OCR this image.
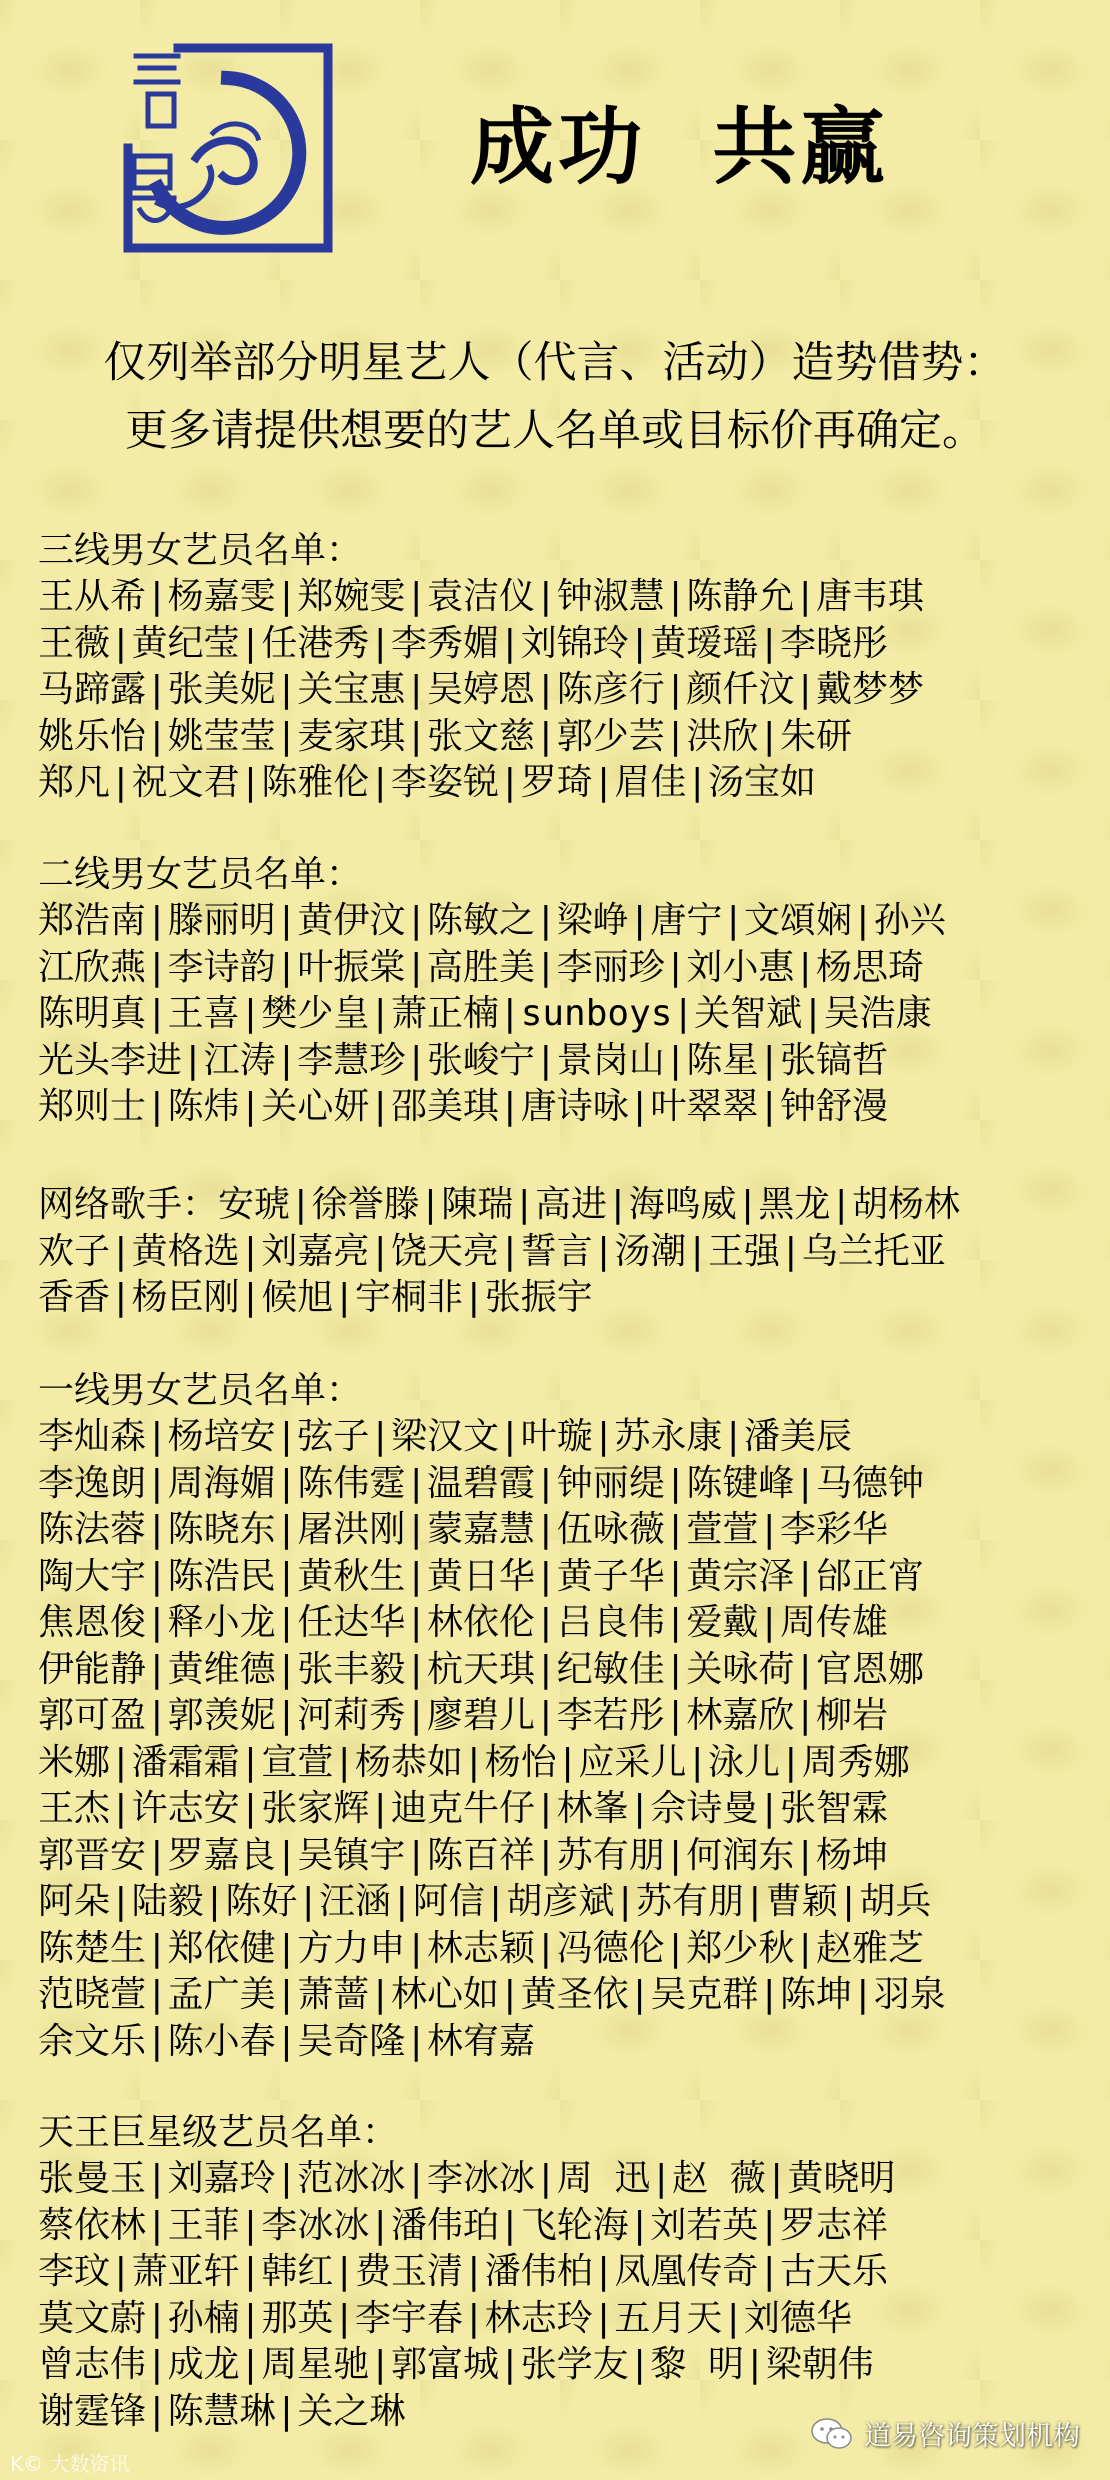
成功  共赢
仅列举部分明星艺人（代言、活动）造势借势：
更多请提供想要的艺人名单或目标价再确定。
三线男女艺员名单：
王从希|杨嘉雯|郑婉雯|袁洁仪|钟淑慧|陈静允|唐韦琪
王薇|黄纪莹|任港秀|李秀媚|刘锦玲|黄瑷瑶|李晓彤
马蹄露|张美妮|关宝惠|吴婷恩|陈彦行|颜仟汶|戴梦梦
姚乐怡|姚莹莹|麦家琪|张文慈|郭少芸|洪欣|朱研
郑凡|祝文君|陈雅伦|李姿锐|罗琦|眉佳|汤宝如
二线男女艺员名单：
郑浩南|滕丽明|黄伊汶|陈敏之|梁峥|唐宁|文頌娴|孙兴
江欣燕|李诗韵|叶振棠|高胜美|李丽珍|刘小惠|杨思琦
陈明真|王喜|樊少皇|萧正楠|sunboys|关智斌|吴浩康
光头李进|江涛|李慧珍|张峻宁|景岗山|陈星|张镐哲
郑则士|陈炜|关心妍|邵美琪|唐诗咏|叶翠翠|钟舒漫
网络歌手：安琥|徐誉滕|陳瑞|高进|海鸣威|黑龙|胡杨林
欢子|黄格选|刘嘉亮|饶天亮|誓言|汤潮|王强|乌兰托亚
香香|杨臣刚|候旭|宇桐非|张振宇
一线男女艺员名单：
李灿森|杨培安|弦子|梁汉文|叶璇|苏永康|潘美辰
李逸朗|周海媚|陈伟霆|温碧霞|钟丽缇|陈键峰|马德钟
陈法蓉|陈晓东|屠洪刚|蒙嘉慧|伍咏薇|萱萱|李彩华
陶大宇|陈浩民|黄秋生|黄日华|黄子华|黄宗泽|邰正宵
焦恩俊|释小龙|任达华|林依伦|吕良伟|爱戴|周传雄
伊能静|黄维德|张丰毅|杭天琪|纪敏佳|关咏荷|官恩娜
郭可盈|郭羡妮|河莉秀|廖碧儿|李若彤|林嘉欣|柳岩
米娜|潘霜霜|宣萱|杨恭如|杨怡|应采儿|泳儿|周秀娜
王杰|许志安|张家辉|迪克牛仔|林峯|佘诗曼|张智霖
郭晋安|罗嘉良|吴镇宇|陈百祥|苏有朋|何润东|杨坤
阿朵|陆毅|陈好|汪涵|阿信|胡彦斌|苏有朋|曹颖|胡兵
陈楚生|郑依健|方力申|林志颖|冯德伦|郑少秋|赵雅芝
范晓萱|孟广美|萧蔷|林心如|黄圣依|吴克群|陈坤|羽泉
余文乐|陈小春|吴奇隆|林宥嘉
天王巨星级艺员名单：
张曼玉|刘嘉玲|范冰冰|李冰冰|周 迅|赵 薇|黄晓明
蔡依林|王菲|李冰冰|潘伟珀|飞轮海|刘若英|罗志祥
李玟|萧亚轩|韩红|费玉清|潘伟柏|凤凰传奇|古天乐
莫文蔚|孙楠|那英|李宇春|林志玲|五月天|刘德华
曾志伟|成龙|周星驰|郭富城|张学友|黎 明|梁朝伟
谢霆锋|陈慧琳|关之琳
K© 大数资讯
道易咨询策划机构
